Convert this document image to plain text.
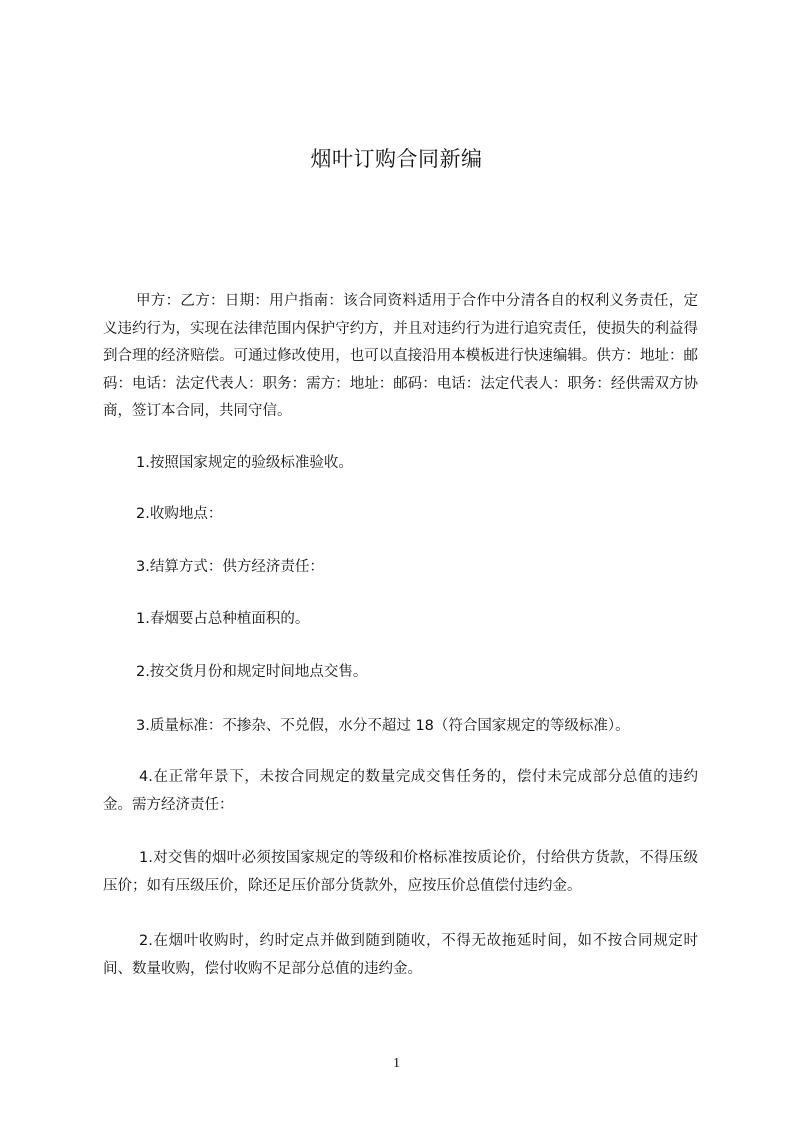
烟叶订购合同新编
甲方：乙方：日期：用户指南：该合同资料适用于合作中分清各自的权利义务责任，定义违约行为，实现在法律范围内保护守约方，并且对违约行为进行追究责任，使损失的利益得到合理的经济赔偿。可通过修改使用，也可以直接沿用本模板进行快速编辑。供方：地址：邮码：电话：法定代表人：职务：需方：地址：邮码：电话：法定代表人：职务：经供需双方协商，签订本合同，共同守信。
1.按照国家规定的验级标准验收。
2.收购地点：
3.结算方式：供方经济责任：
1.春烟要占总种植面积的。
2.按交货月份和规定时间地点交售。
3.质量标准：不掺杂、不兑假，水分不超过 18（符合国家规定的等级标准）。
4.在正常年景下，未按合同规定的数量完成交售任务的，偿付未完成部分总值的违约金。需方经济责任：
1.对交售的烟叶必须按国家规定的等级和价格标准按质论价，付给供方货款，不得压级压价；如有压级压价，除还足压价部分货款外，应按压价总值偿付违约金。
2.在烟叶收购时，约时定点并做到随到随收，不得无故拖延时间，如不按合同规定时间、数量收购，偿付收购不足部分总值的违约金。
1
